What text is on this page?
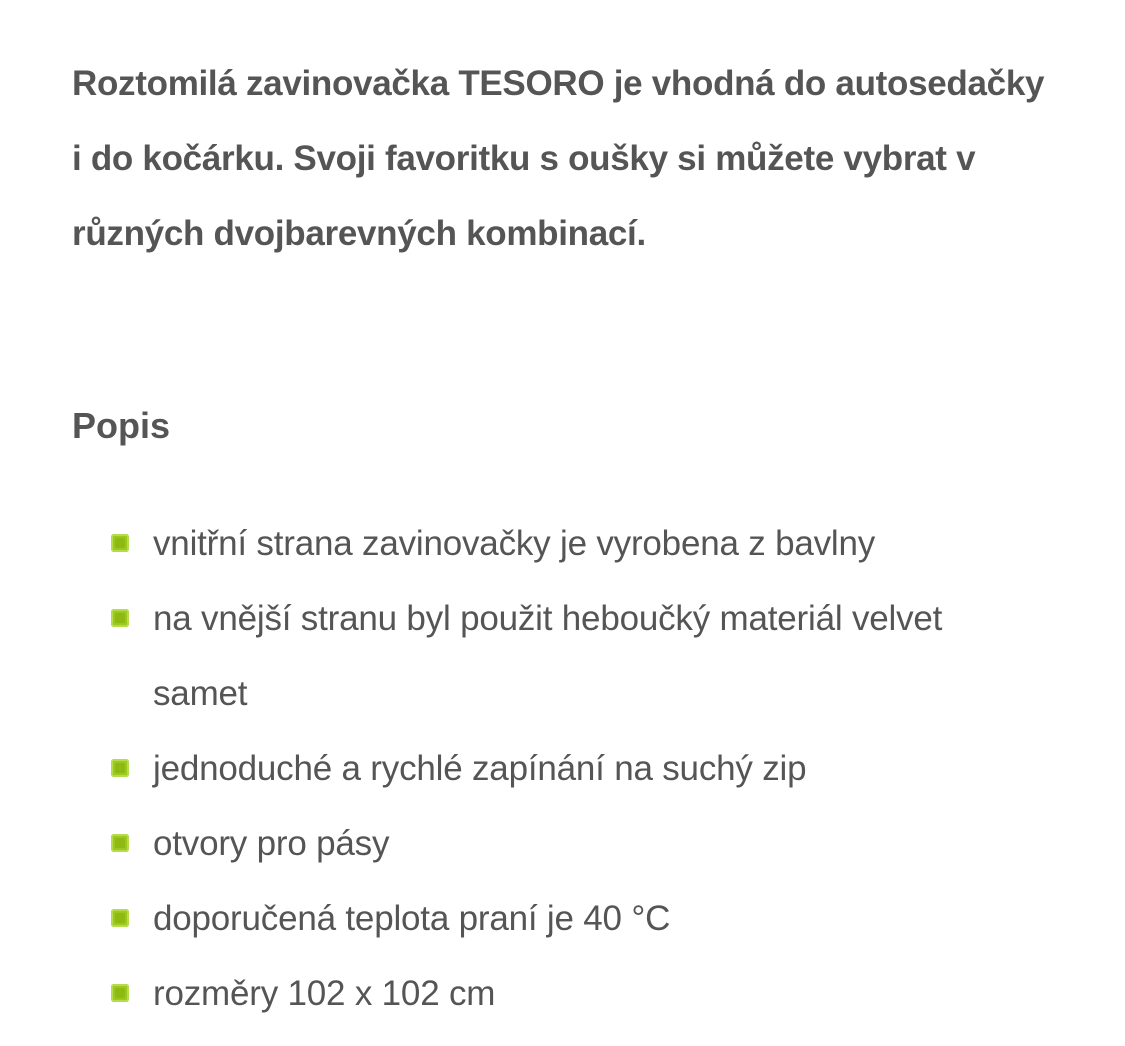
Roztomilá zavinovačka TESORO je vhodná do autosedačky
i do kočárku. Svoji favoritku s oušky si můžete vybrat v
různých dvojbarevných kombinací.

Popis
vnitřní strana zavinovačky je vyrobena z bavlny
na vnější stranu byl použit heboučký materiál velvet samet
jednoduché a rychlé zapínání na suchý zip
otvory pro pásy
doporučená teplota praní je 40 °C
rozměry 102 x 102 cm
